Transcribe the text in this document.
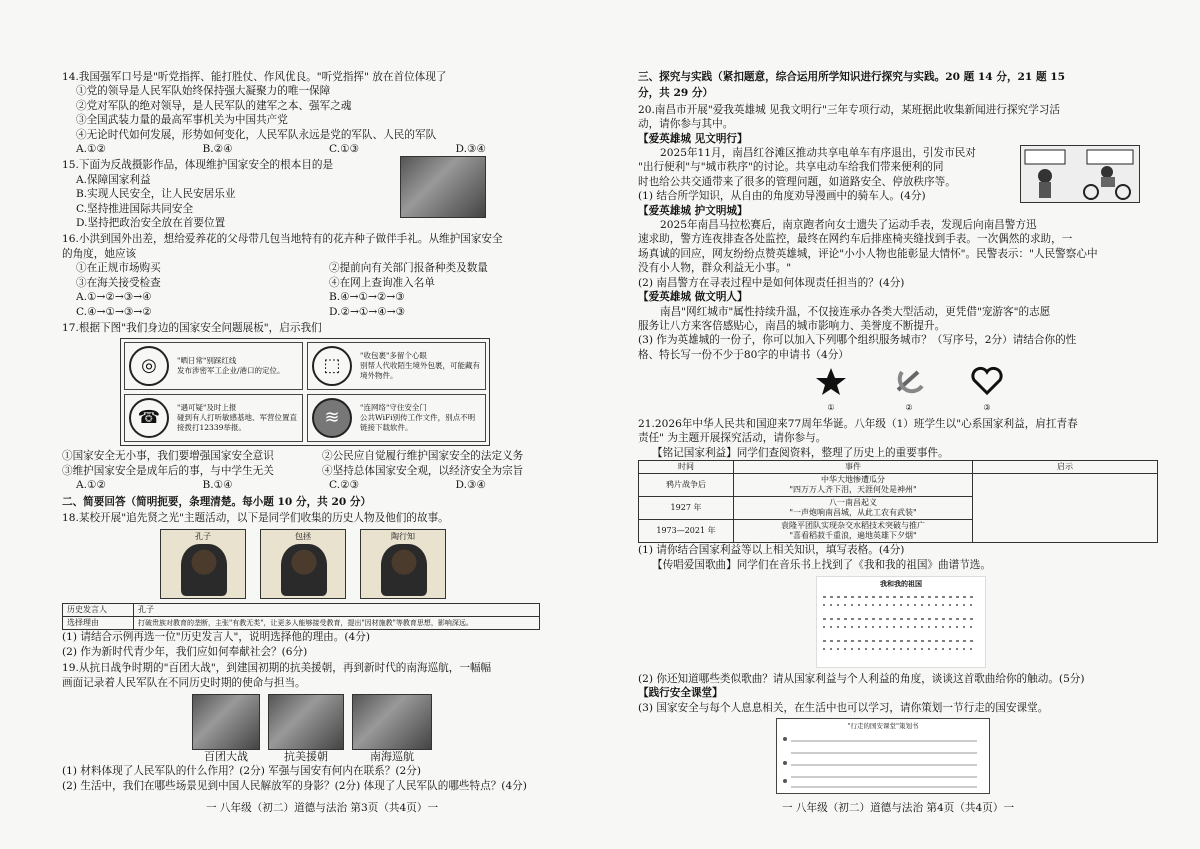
14.我国强军口号是"听党指挥、能打胜仗、作风优良。"听党指挥" 放在首位体现了
①党的领导是人民军队始终保持强大凝聚力的唯一保障
②党对军队的绝对领导，是人民军队的建军之本、强军之魂
③全国武装力量的最高军事机关为中国共产党
④无论时代如何发展，形势如何变化，人民军队永远是党的军队、人民的军队
A.①②	B.②④	C.①③	D.③④
15.下面为反战摄影作品，体现维护国家安全的根本目的是
A.保障国家利益
B.实现人民安全，让人民安居乐业
C.坚持推进国际共同安全
D.坚持把政治安全放在首要位置
16.小洪到国外出差，想给爱养花的父母带几包当地特有的花卉种子做伴手礼。从维护国家安全
的角度，她应该
①在正规市场购买	②提前向有关部门报备种类及数量
③在海关接受检查	④在网上查询准入名单
A.①→②→③→④	B.④→①→②→③
C.④→①→③→②	D.②→①→④→③
17.根据下图"我们身边的国家安全问题展板"，启示我们
◎	"晒日常"别踩红线
发布涉密军工企业/港口的定位。	⬚	"收包裹"多留个心眼
别帮人代收陌生境外包裹，可能藏有境外物件。
☎	"遇可疑"及时上报
碰到有人打听敏感基地、军营位置直接拨打12339举报。	≋	"连网络"守住安全门
公共WiFi别传工作文件，别点不明链接下载软件。
①国家安全无小事，我们要增强国家安全意识	②公民应自觉履行维护国家安全的法定义务
③维护国家安全是成年后的事，与中学生无关	④坚持总体国家安全观，以经济安全为宗旨
A.①②	B.①④	C.②③	D.③④
二、简要回答（简明扼要，条理清楚。每小题 10 分，共 20 分）
18.某校开展"追先贤之光"主题活动，以下是同学们收集的历史人物及他们的故事。
孔子	包拯	陶行知
历史发言人	孔子
选择理由	打破贵族对教育的垄断，主张"有教无类"，让更多人能够接受教育，提出"因材施教"等教育思想，影响深远。
(1) 请结合示例再选一位"历史发言人"，说明选择他的理由。(4分)
(2) 作为新时代青少年，我们应如何奉献社会？(6分)
19.从抗日战争时期的"百团大战"，到建国初期的抗美援朝，再到新时代的南海巡航，一幅幅
画面记录着人民军队在不同历史时期的使命与担当。
百团大战	抗美援朝	南海巡航
(1) 材料体现了人民军队的什么作用？(2分) 军强与国安有何内在联系？(2分)
(2) 生活中，我们在哪些场景见到中国人民解放军的身影？(2分) 体现了人民军队的哪些特点？(4分)
一 八年级（初二）道德与法治 第3页（共4页）一
三、探究与实践（紧扣题意，综合运用所学知识进行探究与实践。20 题 14 分，21 题 15
分，共 29 分）
20.南昌市开展"爱我英雄城 见我文明行"三年专项行动，某班据此收集新闻进行探究学习活
动，请你参与其中。
【爱英雄城 见文明行】
2025年11月，南昌红谷滩区推动共享电单车有序退出，引发市民对
"出行便利"与"城市秩序"的讨论。共享电动车给我们带来便利的同
时也给公共交通带来了很多的管理问题，如道路安全、停放秩序等。
(1) 结合所学知识，从自由的角度劝导漫画中的骑车人。(4分)
【爱英雄城 护文明城】
2025年南昌马拉松赛后，南京跑者向女士遗失了运动手表，发现后向南昌警方迅
速求助，警方连夜排查各处监控，最终在网约车后排座椅夹缝找到手表。一次偶然的求助，一
场真诚的回应，网友纷纷点赞英雄城，评论"小小人物也能彰显大情怀"。民警表示："人民警察心中
没有小人物，群众利益无小事。"
(2) 南昌警方在寻表过程中是如何体现责任担当的？(4分)
【爱英雄城 做文明人】
南昌"网红城市"属性持续升温，不仅接连承办各类大型活动，更凭借"宠游客"的志愿
服务让八方来客倍感贴心，南昌的城市影响力、美誉度不断提升。
(3) 作为英雄城的一份子，你可以加入下列哪个组织服务城市？（写序号，2分）请结合你的性
格、特长写一份不少于80字的申请书（4分）
①	②	③
21.2026年中华人民共和国迎来77周年华诞。八年级（1）班学生以"心系国家利益，肩扛青春
责任" 为主题开展探究活动，请你参与。
【铭记国家利益】同学们查阅资料，整理了历史上的重要事件。
时间	事件	启示
鸦片战争后	中华大地惨遭瓜分
"四万万人齐下泪，天涯何处是神州"	

1927 年	八一南昌起义
"一声炮响南昌城，从此工农有武装"	

1973—2021 年	袁隆平团队实现杂交水稻技术突破与推广
"喜看稻菽千重浪，遍地英雄下夕烟"	
(1) 请你结合国家利益等以上相关知识，填写表格。(4分)
【传唱爱国歌曲】同学们在音乐书上找到了《我和我的祖国》曲谱节选。
我和我的祖国
(2) 你还知道哪些类似歌曲？请从国家利益与个人利益的角度，谈谈这首歌曲给你的触动。(5分)
【践行安全课堂】
(3) 国家安全与每个人息息相关，在生活中也可以学习，请你策划一节行走的国安课堂。
"行走的国安课堂"策划书
一 八年级（初二）道德与法治 第4页（共4页）一
